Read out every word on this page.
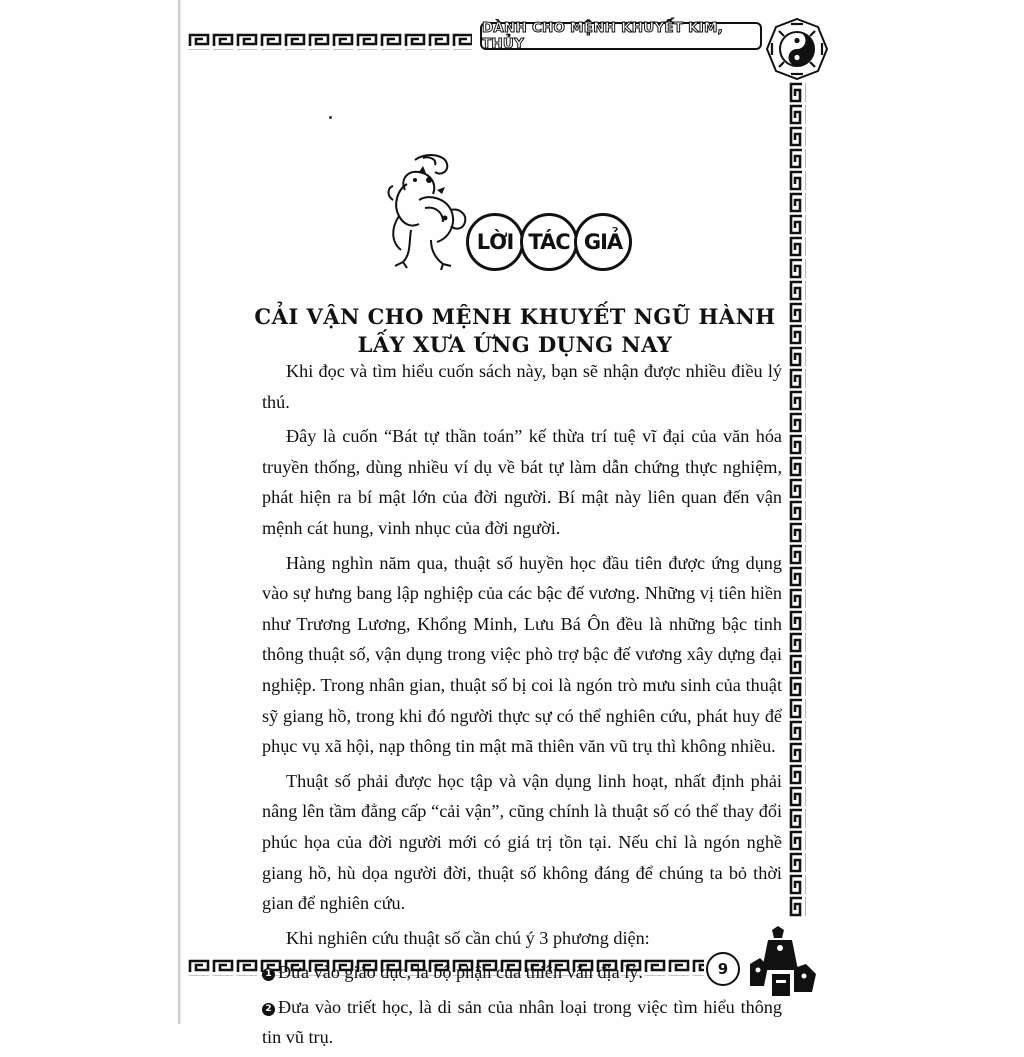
DÀNH CHO MỆNH KHUYẾT KIM, THỦY
LỜI TÁC GIẢ
CẢI VẬN CHO MỆNH KHUYẾT NGŨ HÀNH
LẤY XƯA ỨNG DỤNG NAY

Khi đọc và tìm hiểu cuốn sách này, bạn sẽ nhận được nhiều điều lý thú.

Đây là cuốn “Bát tự thần toán” kế thừa trí tuệ vĩ đại của văn hóa truyền thống, dùng nhiều ví dụ về bát tự làm dẫn chứng thực nghiệm, phát hiện ra bí mật lớn của đời người. Bí mật này liên quan đến vận mệnh cát hung, vinh nhục của đời người.

Hàng nghìn năm qua, thuật số huyền học đầu tiên được ứng dụng vào sự hưng bang lập nghiệp của các bậc đế vương. Những vị tiên hiền như Trương Lương, Khổng Minh, Lưu Bá Ôn đều là những bậc tinh thông thuật số, vận dụng trong việc phò trợ bậc đế vương xây dựng đại nghiệp. Trong nhân gian, thuật số bị coi là ngón trò mưu sinh của thuật sỹ giang hồ, trong khi đó người thực sự có thể nghiên cứu, phát huy để phục vụ xã hội, nạp thông tin mật mã thiên văn vũ trụ thì không nhiều.

Thuật số phải được học tập và vận dụng linh hoạt, nhất định phải nâng lên tầm đẳng cấp “cải vận”, cũng chính là thuật số có thể thay đổi phúc họa của đời người mới có giá trị tồn tại. Nếu chỉ là ngón nghề giang hồ, hù dọa người đời, thuật số không đáng để chúng ta bỏ thời gian để nghiên cứu.

Khi nghiên cứu thuật số cần chú ý 3 phương diện:

1 Đưa vào giáo dục, là bộ phận của thiên văn địa lý.

2 Đưa vào triết học, là di sản của nhân loại trong việc tìm hiểu thông tin vũ trụ.

9
